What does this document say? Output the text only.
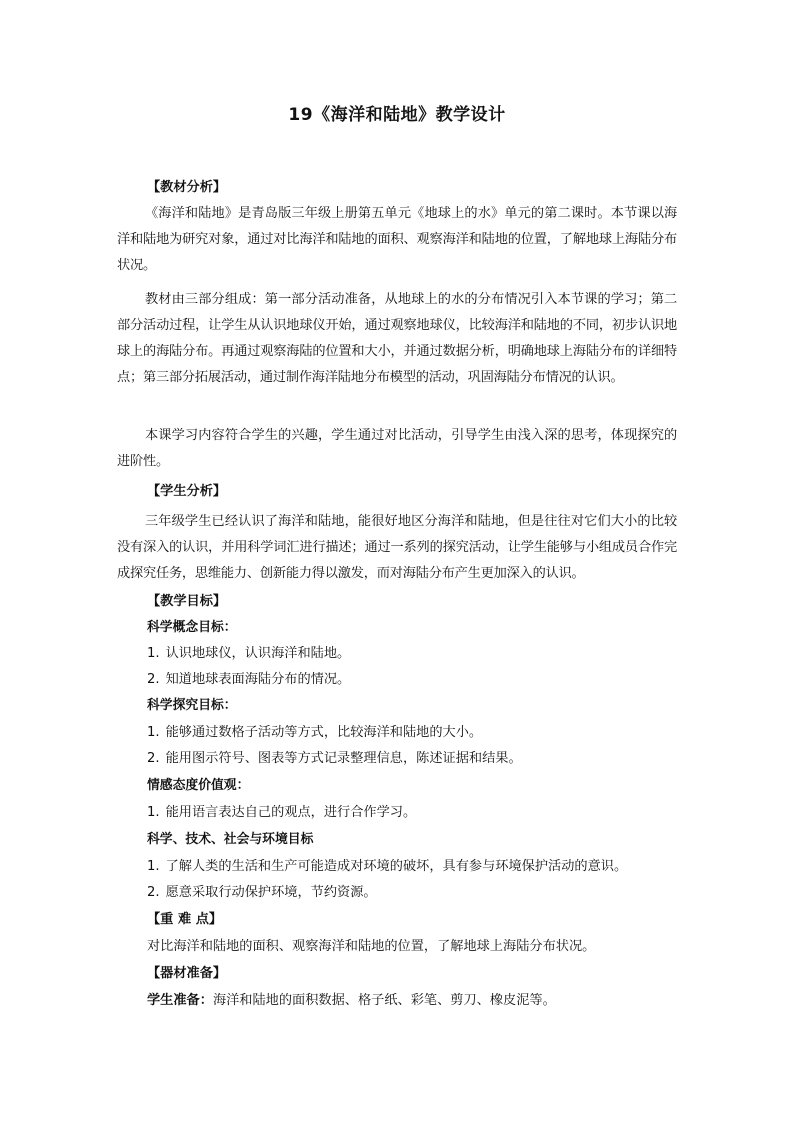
19《海洋和陆地》教学设计
【教材分析】
《海洋和陆地》是青岛版三年级上册第五单元《地球上的水》单元的第二课时。本节课以海洋和陆地为研究对象，通过对比海洋和陆地的面积、观察海洋和陆地的位置，了解地球上海陆分布状况。
教材由三部分组成：第一部分活动准备，从地球上的水的分布情况引入本节课的学习；第二部分活动过程，让学生从认识地球仪开始，通过观察地球仪，比较海洋和陆地的不同，初步认识地球上的海陆分布。再通过观察海陆的位置和大小，并通过数据分析，明确地球上海陆分布的详细特点；第三部分拓展活动，通过制作海洋陆地分布模型的活动，巩固海陆分布情况的认识。
本课学习内容符合学生的兴趣，学生通过对比活动，引导学生由浅入深的思考，体现探究的进阶性。
【学生分析】
三年级学生已经认识了海洋和陆地，能很好地区分海洋和陆地，但是往往对它们大小的比较没有深入的认识，并用科学词汇进行描述；通过一系列的探究活动，让学生能够与小组成员合作完成探究任务，思维能力、创新能力得以激发，而对海陆分布产生更加深入的认识。
【教学目标】
科学概念目标：
1. 认识地球仪，认识海洋和陆地。
2. 知道地球表面海陆分布的情况。
科学探究目标：
1. 能够通过数格子活动等方式，比较海洋和陆地的大小。
2. 能用图示符号、图表等方式记录整理信息，陈述证据和结果。
情感态度价值观：
1. 能用语言表达自己的观点，进行合作学习。
科学、技术、社会与环境目标
1. 了解人类的生活和生产可能造成对环境的破坏，具有参与环境保护活动的意识。
2. 愿意采取行动保护环境，节约资源。
【重 难 点】
对比海洋和陆地的面积、观察海洋和陆地的位置，了解地球上海陆分布状况。
【器材准备】
学生准备：海洋和陆地的面积数据、格子纸、彩笔、剪刀、橡皮泥等。
